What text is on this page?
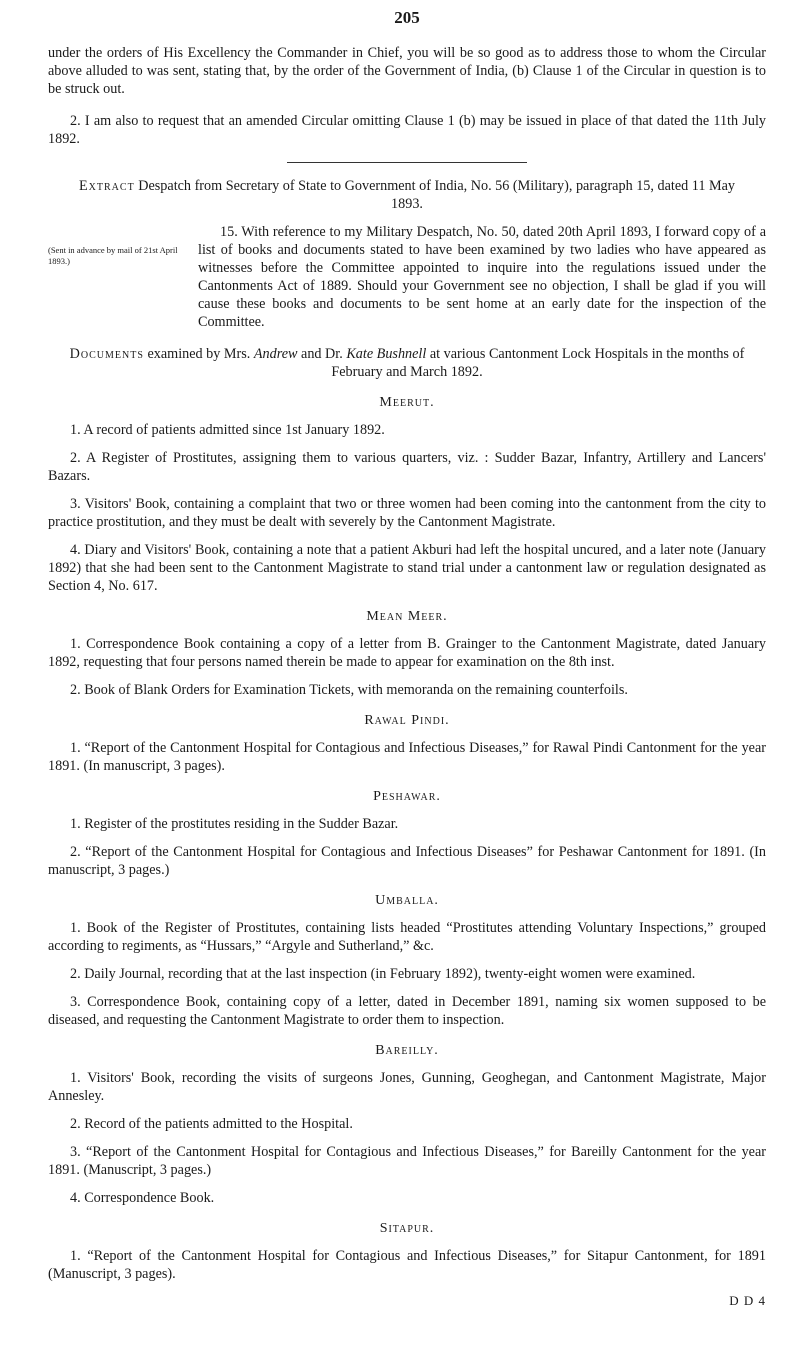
205

under the orders of His Excellency the Commander in Chief, you will be so good as to address those to whom the Circular above alluded to was sent, stating that, by the order of the Government of India, (b) Clause 1 of the Circular in question is to be struck out.

2. I am also to request that an amended Circular omitting Clause 1 (b) may be issued in place of that dated the 11th July 1892.

Extract Despatch from Secretary of State to Government of India, No. 56 (Military), paragraph 15, dated 11 May 1893.

(Sent in advance by mail of 21st April 1893.)

15. With reference to my Military Despatch, No. 50, dated 20th April 1893, I forward copy of a list of books and documents stated to have been examined by two ladies who have appeared as witnesses before the Committee appointed to inquire into the regulations issued under the Cantonments Act of 1889. Should your Government see no objection, I shall be glad if you will cause these books and documents to be sent home at an early date for the inspection of the Committee.

Documents examined by Mrs. Andrew and Dr. Kate Bushnell at various Cantonment Lock Hospitals in the months of February and March 1892.

Meerut.

1. A record of patients admitted since 1st January 1892.

2. A Register of Prostitutes, assigning them to various quarters, viz. : Sudder Bazar, Infantry, Artillery and Lancers' Bazars.

3. Visitors' Book, containing a complaint that two or three women had been coming into the cantonment from the city to practice prostitution, and they must be dealt with severely by the Cantonment Magistrate.

4. Diary and Visitors' Book, containing a note that a patient Akburi had left the hospital uncured, and a later note (January 1892) that she had been sent to the Cantonment Magistrate to stand trial under a cantonment law or regulation designated as Section 4, No. 617.

Mean Meer.

1. Correspondence Book containing a copy of a letter from B. Grainger to the Cantonment Magistrate, dated January 1892, requesting that four persons named therein be made to appear for examination on the 8th inst.

2. Book of Blank Orders for Examination Tickets, with memoranda on the remaining counterfoils.

Rawal Pindi.

1. “Report of the Cantonment Hospital for Contagious and Infectious Diseases,” for Rawal Pindi Cantonment for the year 1891. (In manuscript, 3 pages).

Peshawar.

1. Register of the prostitutes residing in the Sudder Bazar.

2. “Report of the Cantonment Hospital for Contagious and Infectious Diseases” for Peshawar Cantonment for 1891. (In manuscript, 3 pages.)

Umballa.

1. Book of the Register of Prostitutes, containing lists headed “Prostitutes attending Voluntary Inspections,” grouped according to regiments, as “Hussars,” “Argyle and Sutherland,” &c.

2. Daily Journal, recording that at the last inspection (in February 1892), twenty-eight women were examined.

3. Correspondence Book, containing copy of a letter, dated in December 1891, naming six women supposed to be diseased, and requesting the Cantonment Magistrate to order them to inspection.

Bareilly.

1. Visitors' Book, recording the visits of surgeons Jones, Gunning, Geoghegan, and Cantonment Magistrate, Major Annesley.

2. Record of the patients admitted to the Hospital.

3. “Report of the Cantonment Hospital for Contagious and Infectious Diseases,” for Bareilly Cantonment for the year 1891. (Manuscript, 3 pages.)

4. Correspondence Book.

Sitapur.

1. “Report of the Cantonment Hospital for Contagious and Infectious Diseases,” for Sitapur Cantonment, for 1891 (Manuscript, 3 pages).

D D 4
